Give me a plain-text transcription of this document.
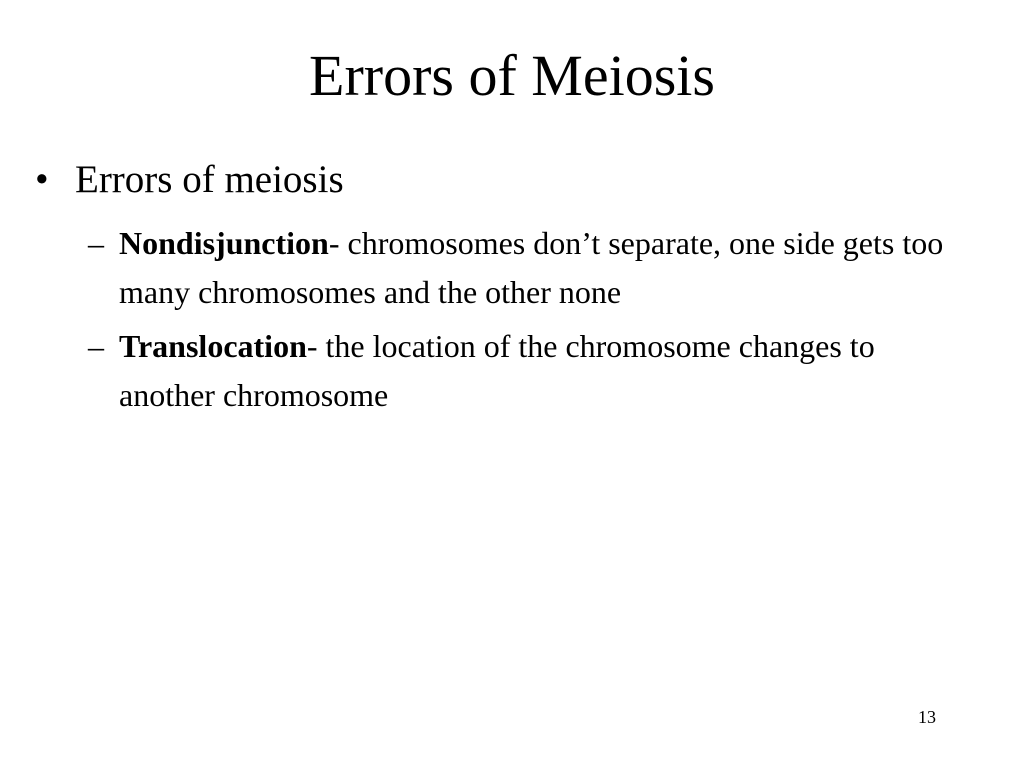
Errors of Meiosis
• Errors of meiosis
– Nondisjunction- chromosomes don’t separate, one side gets too many chromosomes and the other none
– Translocation- the location of the chromosome changes to another chromosome
13
